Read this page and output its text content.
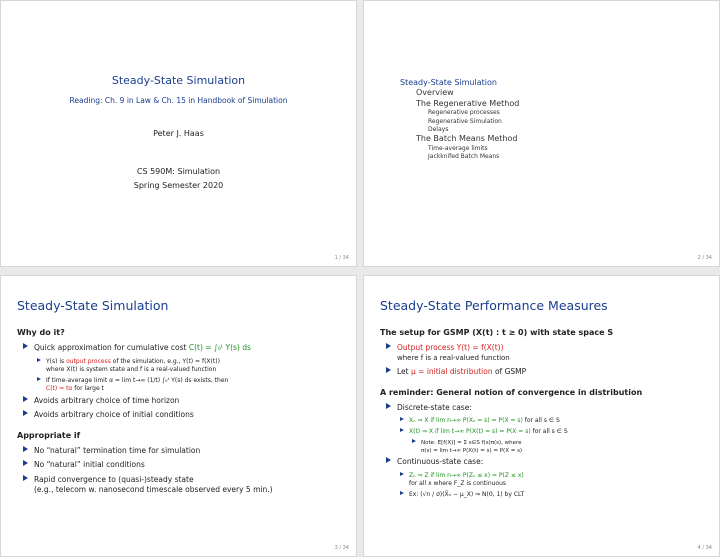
Steady-State Simulation
Reading: Ch. 9 in Law & Ch. 15 in Handbook of Simulation
Peter J. Haas
CS 590M: Simulation
Spring Semester 2020
1 / 34
Steady-State Simulation
Overview
The Regenerative Method
Regenerative processes
Regenerative Simulation
Delays
The Batch Means Method
Time-average limits
Jackknifed Batch Means
2 / 34
Steady-State Simulation
Why do it?
Quick approximation for cumulative cost C(t) = ∫₀ᵗ Y(s) ds
Y(s) is output process of the simulation, e.g., Y(t) = f(X(t))
where X(t) is system state and f is a real-valued function
If time-average limit α = lim t→∞ (1/t) ∫₀ᵗ Y(s) ds exists, then
C(t) ≈ tα for large t
Avoids arbitrary choice of time horizon
Avoids arbitrary choice of initial conditions
Appropriate if
No “natural” termination time for simulation
No “natural” initial conditions
Rapid convergence to (quasi-)steady state
(e.g., telecom w. nanosecond timescale observed every 5 min.)
3 / 34
Steady-State Performance Measures
The setup for GSMP (X(t) : t ≥ 0) with state space S
Output process Y(t) = f(X(t))
where f is a real-valued function
Let μ = initial distribution of GSMP
A reminder: General notion of convergence in distribution
Discrete-state case:
Xₙ ⇒ X if lim n→∞ P(Xₙ = s) = P(X = s) for all s ∈ S
X(t) ⇒ X if lim t→∞ P(X(t) = s) = P(X = s) for all s ∈ S
Note: E[f(X)] = Σ s∈S f(s)π(s), where
π(s) = lim t→∞ P(X(t) = s) = P(X = s)
Continuous-state case:
Zₙ ⇒ Z if lim n→∞ P(Zₙ ≤ x) = P(Z ≤ x)
for all x where F_Z is continuous
Ex: (√n / σ)(X̄ₙ − μ_X) ⇒ N(0, 1) by CLT
4 / 34
